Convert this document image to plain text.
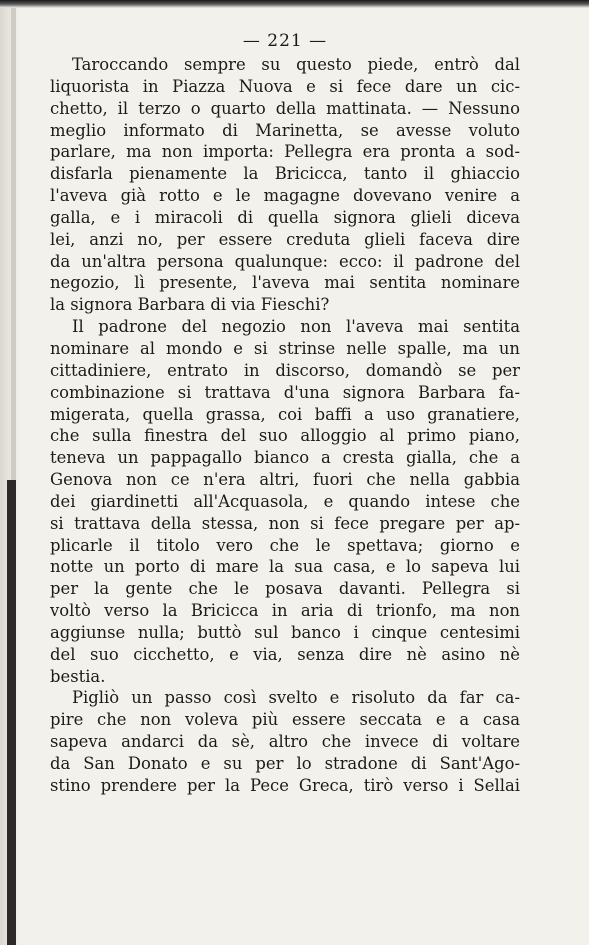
— 221 —

Taroccando sempre su questo piede, entrò dal
liquorista in Piazza Nuova e si fece dare un cic-
chetto, il terzo o quarto della mattinata. — Nessuno
meglio informato di Marinetta, se avesse voluto
parlare, ma non importa: Pellegra era pronta a sod-
disfarla pienamente la Bricicca, tanto il ghiaccio
l'aveva già rotto e le magagne dovevano venire a
galla, e i miracoli di quella signora glieli diceva
lei, anzi no, per essere creduta glieli faceva dire
da un'altra persona qualunque: ecco: il padrone del
negozio, lì presente, l'aveva mai sentita nominare
la signora Barbara di via Fieschi?

Il padrone del negozio non l'aveva mai sentita
nominare al mondo e si strinse nelle spalle, ma un
cittadiniere, entrato in discorso, domandò se per
combinazione si trattava d'una signora Barbara fa-
migerata, quella grassa, coi baffi a uso granatiere,
che sulla finestra del suo alloggio al primo piano,
teneva un pappagallo bianco a cresta gialla, che a
Genova non ce n'era altri, fuori che nella gabbia
dei giardinetti all'Acquasola, e quando intese che
si trattava della stessa, non si fece pregare per ap-
plicarle il titolo vero che le spettava; giorno e
notte un porto di mare la sua casa, e lo sapeva lui
per la gente che le posava davanti. Pellegra si
voltò verso la Bricicca in aria di trionfo, ma non
aggiunse nulla; buttò sul banco i cinque centesimi
del suo cicchetto, e via, senza dire nè asino nè
bestia.

Pigliò un passo così svelto e risoluto da far ca-
pire che non voleva più essere seccata e a casa
sapeva andarci da sè, altro che invece di voltare
da San Donato e su per lo stradone di Sant'Ago-
stino prendere per la Pece Greca, tirò verso i Sellai
